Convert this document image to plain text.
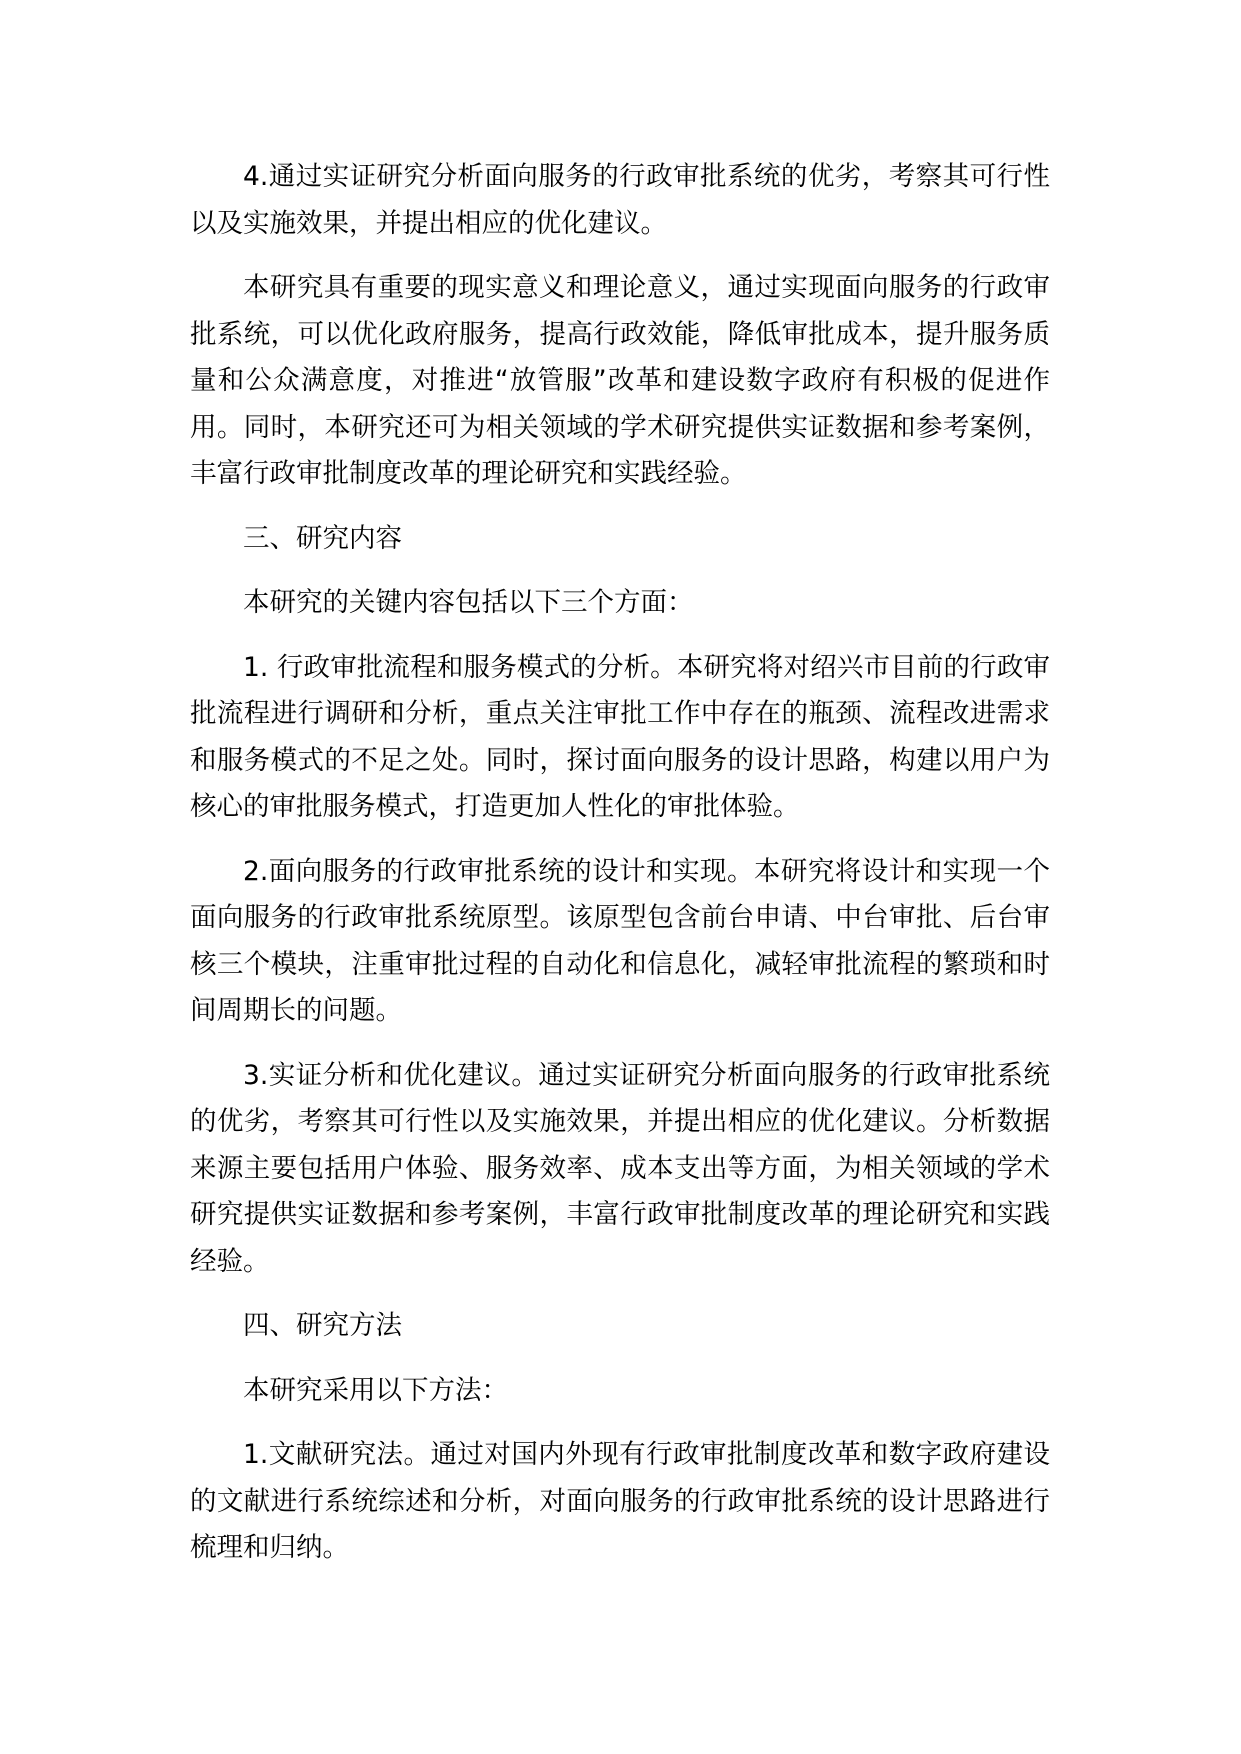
4.通过实证研究分析面向服务的行政审批系统的优劣，考察其可行性以及实施效果，并提出相应的优化建议。

本研究具有重要的现实意义和理论意义，通过实现面向服务的行政审批系统，可以优化政府服务，提高行政效能，降低审批成本，提升服务质量和公众满意度，对推进“放管服”改革和建设数字政府有积极的促进作用。同时，本研究还可为相关领域的学术研究提供实证数据和参考案例，丰富行政审批制度改革的理论研究和实践经验。

三、研究内容

本研究的关键内容包括以下三个方面：

1. 行政审批流程和服务模式的分析。本研究将对绍兴市目前的行政审批流程进行调研和分析，重点关注审批工作中存在的瓶颈、流程改进需求和服务模式的不足之处。同时，探讨面向服务的设计思路，构建以用户为核心的审批服务模式，打造更加人性化的审批体验。

2.面向服务的行政审批系统的设计和实现。本研究将设计和实现一个面向服务的行政审批系统原型。该原型包含前台申请、中台审批、后台审核三个模块，注重审批过程的自动化和信息化，减轻审批流程的繁琐和时间周期长的问题。

3.实证分析和优化建议。通过实证研究分析面向服务的行政审批系统的优劣，考察其可行性以及实施效果，并提出相应的优化建议。分析数据来源主要包括用户体验、服务效率、成本支出等方面，为相关领域的学术研究提供实证数据和参考案例，丰富行政审批制度改革的理论研究和实践经验。

四、研究方法

本研究采用以下方法：

1.文献研究法。通过对国内外现有行政审批制度改革和数字政府建设的文献进行系统综述和分析，对面向服务的行政审批系统的设计思路进行梳理和归纳。
